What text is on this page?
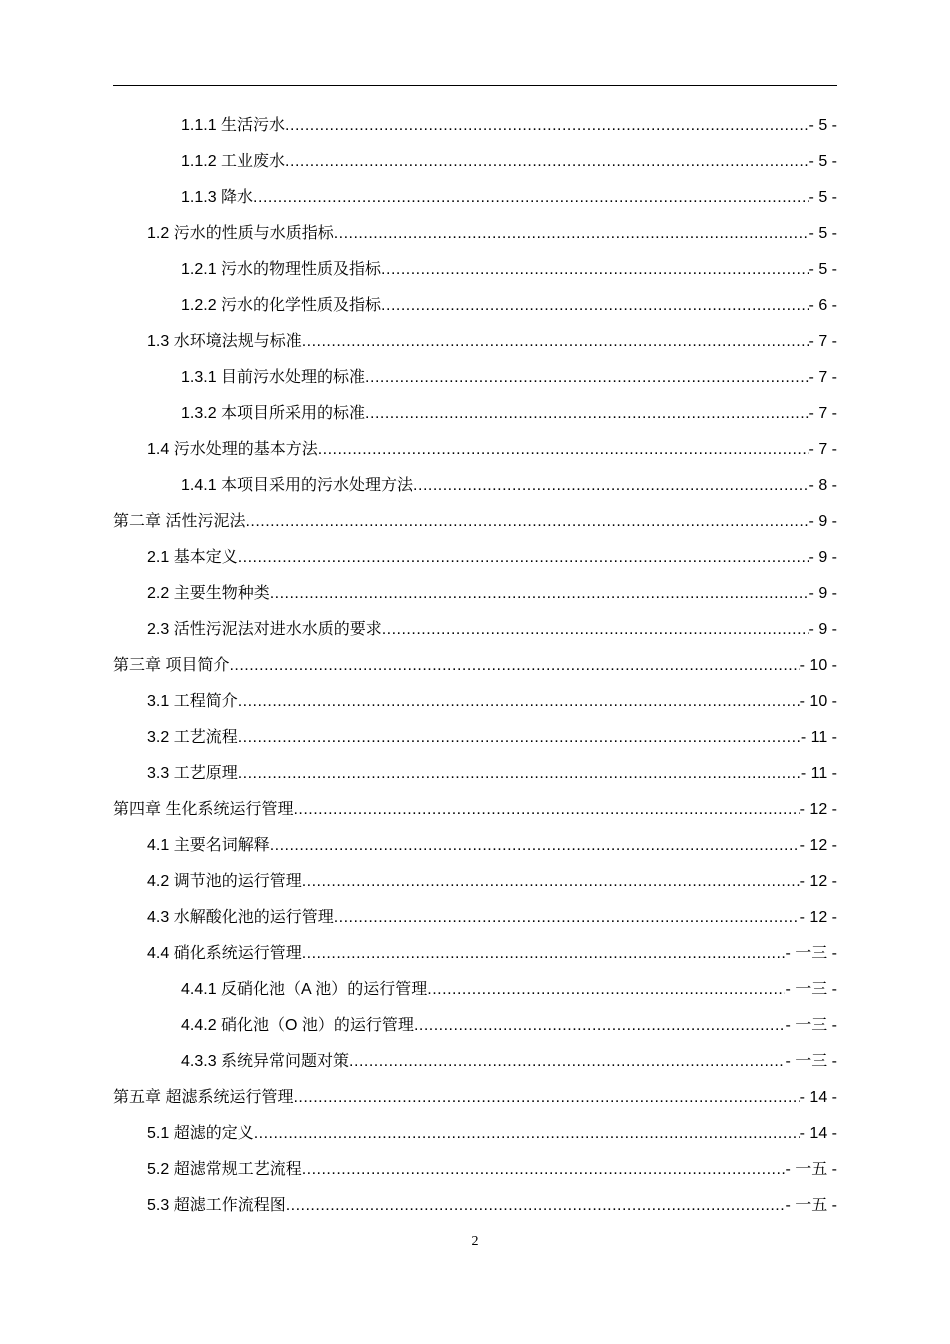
1.1.1 生活污水 .....	- 5 -
1.1.2 工业废水 .....	- 5 -
1.1.3 降水 .....	- 5 -
1.2 污水的性质与水质指标 .....	- 5 -
1.2.1 污水的物理性质及指标 .....	- 5 -
1.2.2 污水的化学性质及指标 .....	- 6 -
1.3 水环境法规与标准 .....	- 7 -
1.3.1 目前污水处理的标准 .....	- 7 -
1.3.2 本项目所采用的标准 .....	- 7 -
1.4 污水处理的基本方法 .....	- 7 -
1.4.1 本项目采用的污水处理方法 .....	- 8 -
第二章 活性污泥法 .....	- 9 -
2.1 基本定义 .....	- 9 -
2.2 主要生物种类 .....	- 9 -
2.3 活性污泥法对进水水质的要求 .....	- 9 -
第三章 项目简介 .....	- 10 -
3.1 工程简介 .....	- 10 -
3.2 工艺流程 .....	- 11 -
3.3 工艺原理 .....	- 11 -
第四章 生化系统运行管理 .....	- 12 -
4.1 主要名词解释 .....	- 12 -
4.2 调节池的运行管理 .....	- 12 -
4.3 水解酸化池的运行管理 .....	- 12 -
4.4 硝化系统运行管理 .....	- 一三 -
4.4.1 反硝化池（A 池）的运行管理 .....	- 一三 -
4.4.2 硝化池（O 池）的运行管理 .....	- 一三 -
4.3.3 系统异常问题对策 .....	- 一三 -
第五章 超滤系统运行管理 .....	- 14 -
5.1 超滤的定义 .....	- 14 -
5.2 超滤常规工艺流程 .....	- 一五 -
5.3 超滤工作流程图 .....	- 一五 -
2
